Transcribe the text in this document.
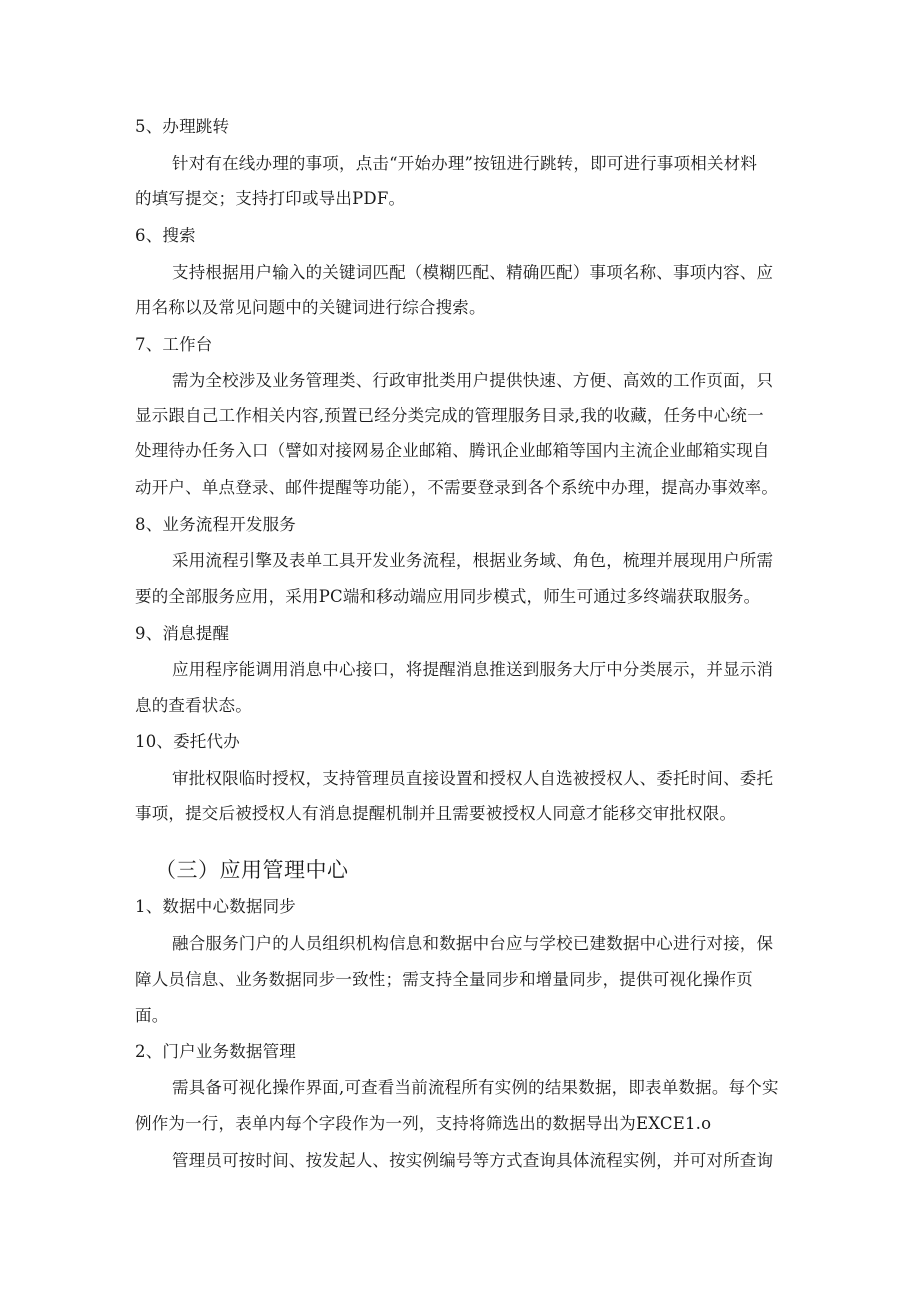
5、办理跳转
针对有在线办理的事项，点击“开始办理”按钮进行跳转，即可进行事项相关材料
的填写提交；支持打印或导出PDF。
6、搜索
支持根据用户输入的关键词匹配（模糊匹配、精确匹配）事项名称、事项内容、应
用名称以及常见问题中的关键词进行综合搜索。
7、工作台
需为全校涉及业务管理类、行政审批类用户提供快速、方便、高效的工作页面，只
显示跟自己工作相关内容,预置已经分类完成的管理服务目录,我的收藏，任务中心统一
处理待办任务入口（譬如对接网易企业邮箱、腾讯企业邮箱等国内主流企业邮箱实现自
动开户、单点登录、邮件提醒等功能），不需要登录到各个系统中办理，提高办事效率。
8、业务流程开发服务
采用流程引擎及表单工具开发业务流程，根据业务域、角色，梳理并展现用户所需
要的全部服务应用，采用PC端和移动端应用同步模式，师生可通过多终端获取服务。
9、消息提醒
应用程序能调用消息中心接口，将提醒消息推送到服务大厅中分类展示，并显示消
息的查看状态。
10、委托代办
审批权限临时授权，支持管理员直接设置和授权人自选被授权人、委托时间、委托
事项，提交后被授权人有消息提醒机制并且需要被授权人同意才能移交审批权限。
（三）应用管理中心
1、数据中心数据同步
融合服务门户的人员组织机构信息和数据中台应与学校已建数据中心进行对接，保
障人员信息、业务数据同步一致性；需支持全量同步和增量同步，提供可视化操作页
面。
2、门户业务数据管理
需具备可视化操作界面,可查看当前流程所有实例的结果数据，即表单数据。每个实
例作为一行，表单内每个字段作为一列，支持将筛选出的数据导出为EXCE1.o
管理员可按时间、按发起人、按实例编号等方式查询具体流程实例，并可对所查询
